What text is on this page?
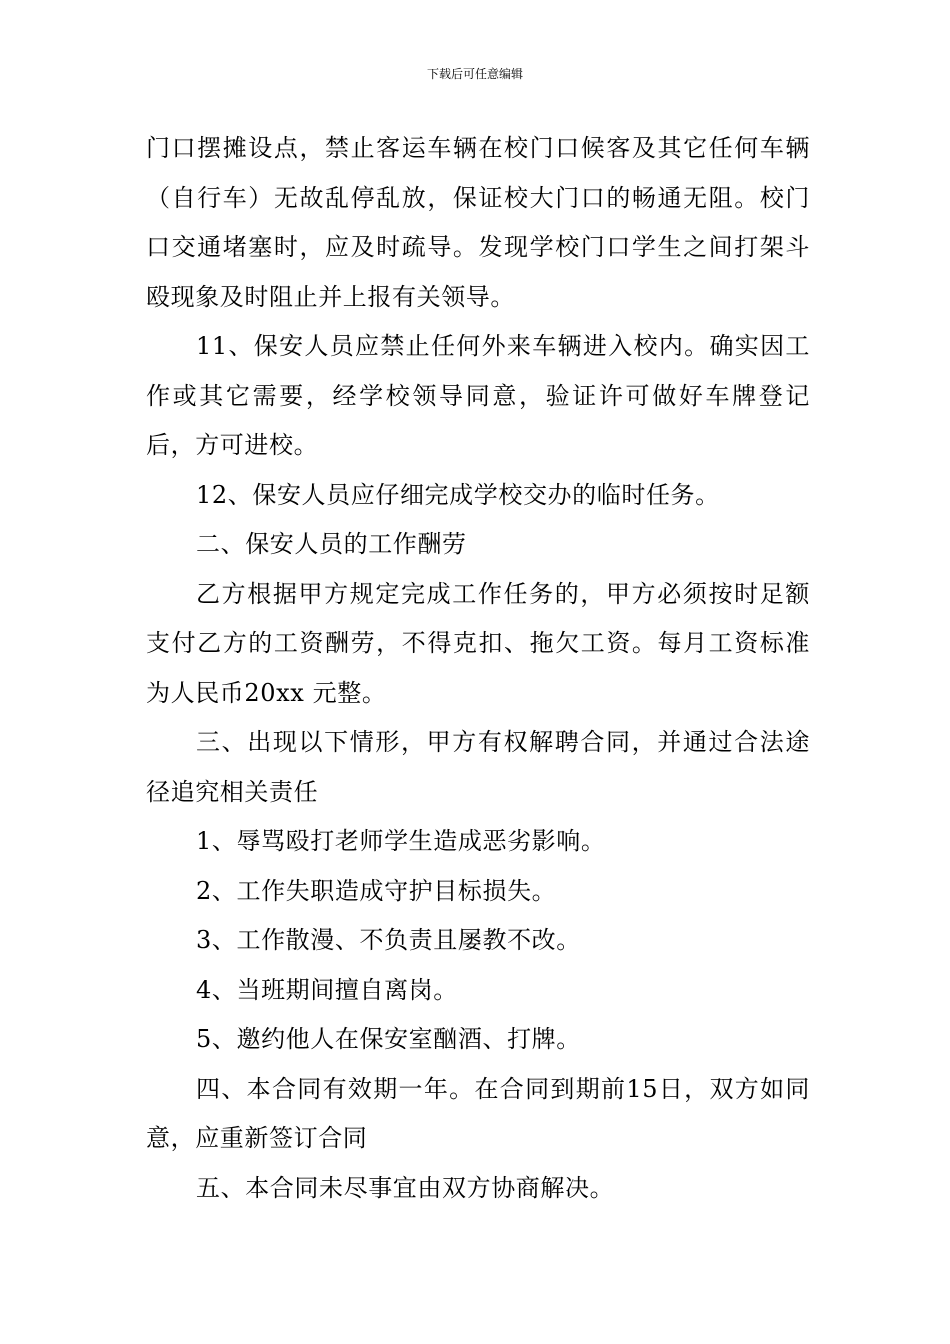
下载后可任意编辑

门口摆摊设点，禁止客运车辆在校门口候客及其它任何车辆（自行车）无故乱停乱放，保证校大门口的畅通无阻。校门口交通堵塞时，应及时疏导。发现学校门口学生之间打架斗殴现象及时阻止并上报有关领导。

11、保安人员应禁止任何外来车辆进入校内。确实因工作或其它需要，经学校领导同意，验证许可做好车牌登记后，方可进校。

12、保安人员应仔细完成学校交办的临时任务。

二、保安人员的工作酬劳

乙方根据甲方规定完成工作任务的，甲方必须按时足额支付乙方的工资酬劳，不得克扣、拖欠工资。每月工资标准为人民币20xx 元整。

三、出现以下情形，甲方有权解聘合同，并通过合法途径追究相关责任

1、辱骂殴打老师学生造成恶劣影响。

2、工作失职造成守护目标损失。

3、工作散漫、不负责且屡教不改。

4、当班期间擅自离岗。

5、邀约他人在保安室酗酒、打牌。

四、本合同有效期一年。在合同到期前15日，双方如同意，应重新签订合同

五、本合同未尽事宜由双方协商解决。
